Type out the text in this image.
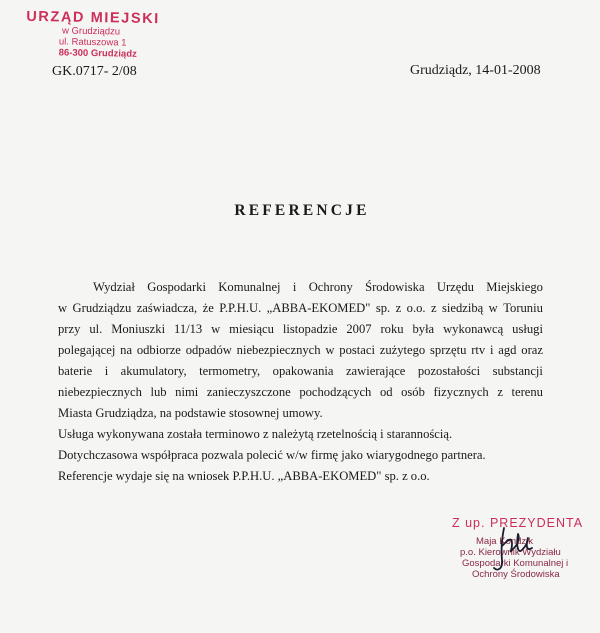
URZĄD MIEJSKI
w Grudziądzu
ul. Ratuszowa 1
86-300 Grudziądz
GK.0717- 2/08	Grudziądz, 14-01-2008
REFERENCJE
Wydział Gospodarki Komunalnej i Ochrony Środowiska Urzędu Miejskiego
w Grudziądzu zaświadcza, że P.P.H.U. „ABBA-EKOMED" sp. z o.o. z siedzibą w Toruniu
przy ul. Moniuszki 11/13 w miesiącu listopadzie 2007 roku była wykonawcą usługi
polegającej na odbiorze odpadów niebezpiecznych w postaci zużytego sprzętu rtv i agd oraz
baterie i akumulatory, termometry, opakowania zawierające pozostałości substancji
niebezpiecznych lub nimi zanieczyszczone pochodzących od osób fizycznych z terenu
Miasta Grudziądza, na podstawie stosownej umowy.
Usługa wykonywana została terminowo z należytą rzetelnością i starannością.
Dotychczasowa współpraca pozwala polecić w/w firmę jako wiarygodnego partnera.
Referencje wydaje się na wniosek P.P.H.U. „ABBA-EKOMED" sp. z o.o.
Z up. PREZYDENTA
Maja Kondzik
p.o. Kierownik Wydziału
Gospodarki Komunalnej i
Ochrony Środowiska
